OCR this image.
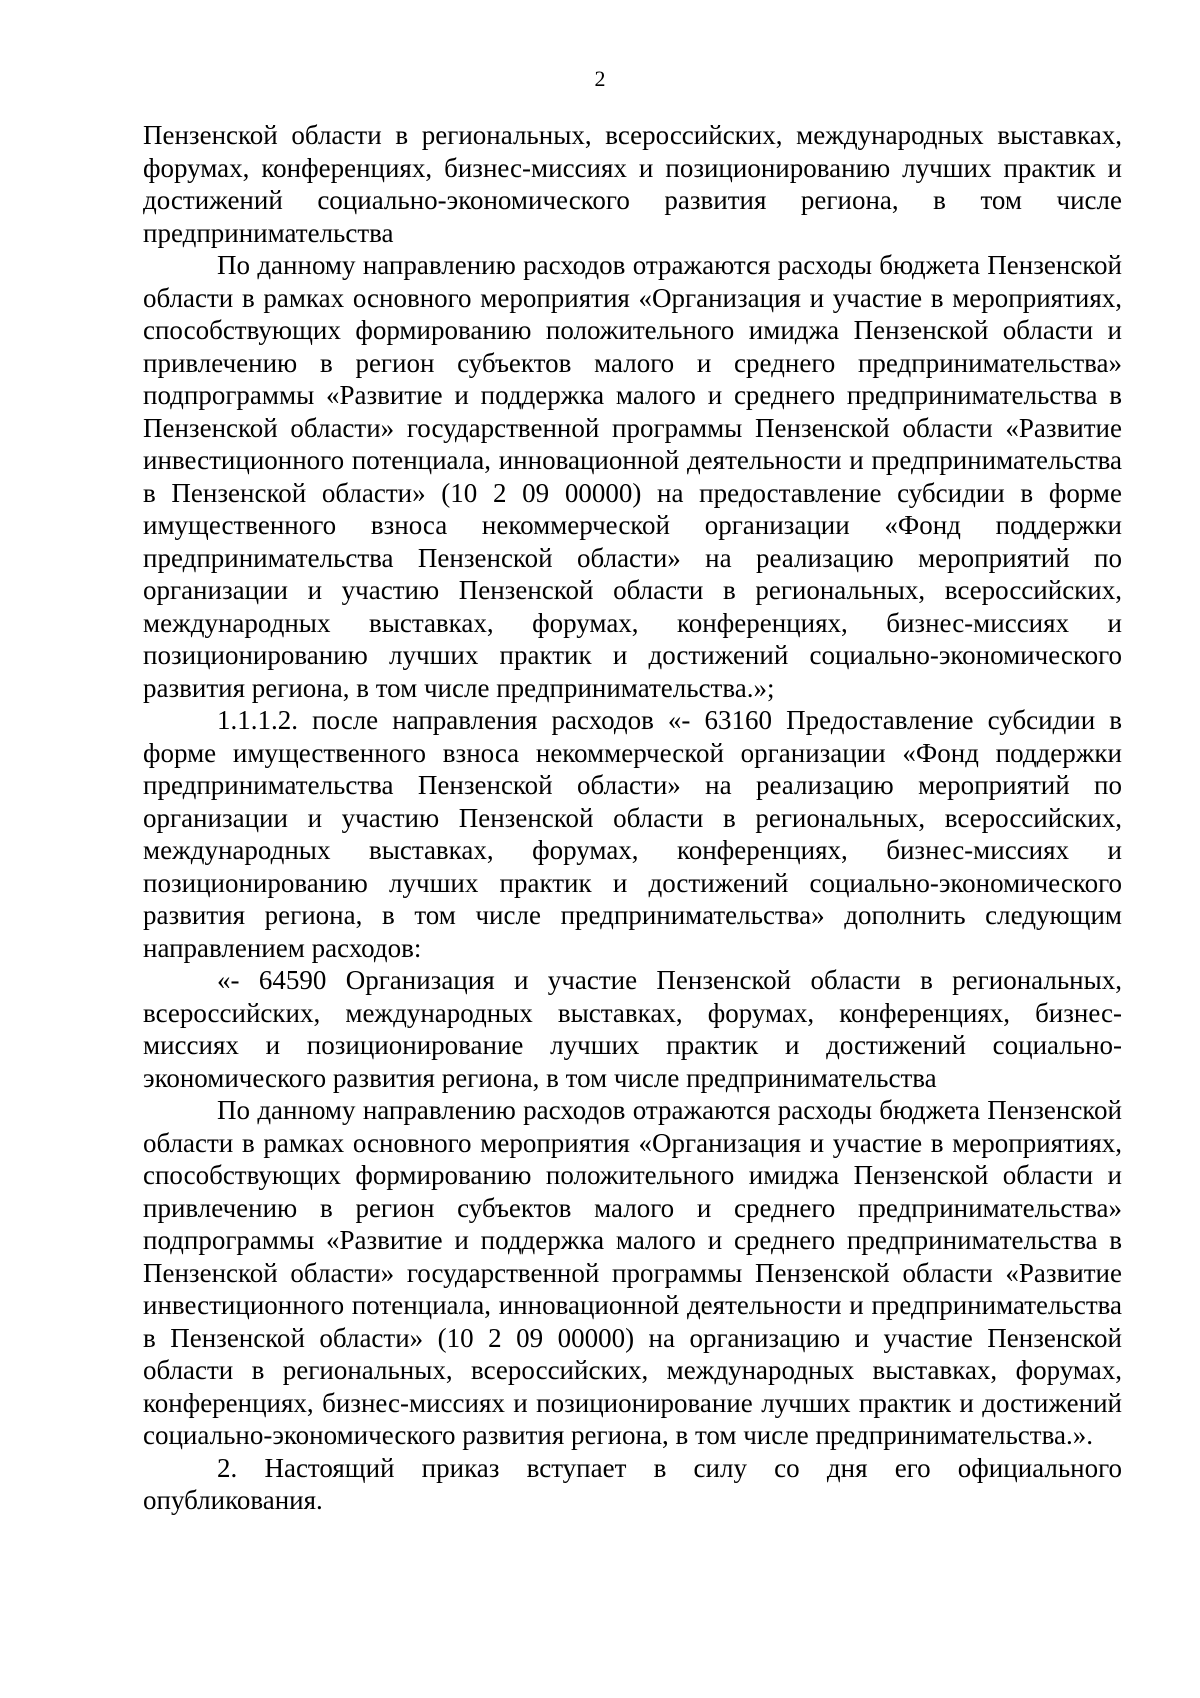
2

Пензенской области в региональных, всероссийских, международных выставках, форумах, конференциях, бизнес-миссиях и позиционированию лучших практик и достижений социально-экономического развития региона, в том числе предпринимательства

По данному направлению расходов отражаются расходы бюджета Пензенской области в рамках основного мероприятия «Организация и участие в мероприятиях, способствующих формированию положительного имиджа Пензенской области и привлечению в регион субъектов малого и среднего предпринимательства» подпрограммы «Развитие и поддержка малого и среднего предпринимательства в Пензенской области» государственной программы Пензенской области «Развитие инвестиционного потенциала, инновационной деятельности и предпринимательства в Пензенской области» (10 2 09 00000) на предоставление субсидии в форме имущественного взноса некоммерческой организации «Фонд поддержки предпринимательства Пензенской области» на реализацию мероприятий по организации и участию Пензенской области в региональных, всероссийских, международных выставках, форумах, конференциях, бизнес-миссиях и позиционированию лучших практик и достижений социально-экономического развития региона, в том числе предпринимательства.»;

1.1.1.2. после направления расходов «- 63160 Предоставление субсидии в форме имущественного взноса некоммерческой организации «Фонд поддержки предпринимательства Пензенской области» на реализацию мероприятий по организации и участию Пензенской области в региональных, всероссийских, международных выставках, форумах, конференциях, бизнес-миссиях и позиционированию лучших практик и достижений социально-экономического развития региона, в том числе предпринимательства» дополнить следующим направлением расходов:

«- 64590 Организация и участие Пензенской области в региональных, всероссийских, международных выставках, форумах, конференциях, бизнес-миссиях и позиционирование лучших практик и достижений социально-экономического развития региона, в том числе предпринимательства

По данному направлению расходов отражаются расходы бюджета Пензенской области в рамках основного мероприятия «Организация и участие в мероприятиях, способствующих формированию положительного имиджа Пензенской области и привлечению в регион субъектов малого и среднего предпринимательства» подпрограммы «Развитие и поддержка малого и среднего предпринимательства в Пензенской области» государственной программы Пензенской области «Развитие инвестиционного потенциала, инновационной деятельности и предпринимательства в Пензенской области» (10 2 09 00000) на организацию и участие Пензенской области в региональных, всероссийских, международных выставках, форумах, конференциях, бизнес-миссиях и позиционирование лучших практик и достижений социально-экономического развития региона, в том числе предпринимательства.».

2. Настоящий приказ вступает в силу со дня его официального опубликования.
